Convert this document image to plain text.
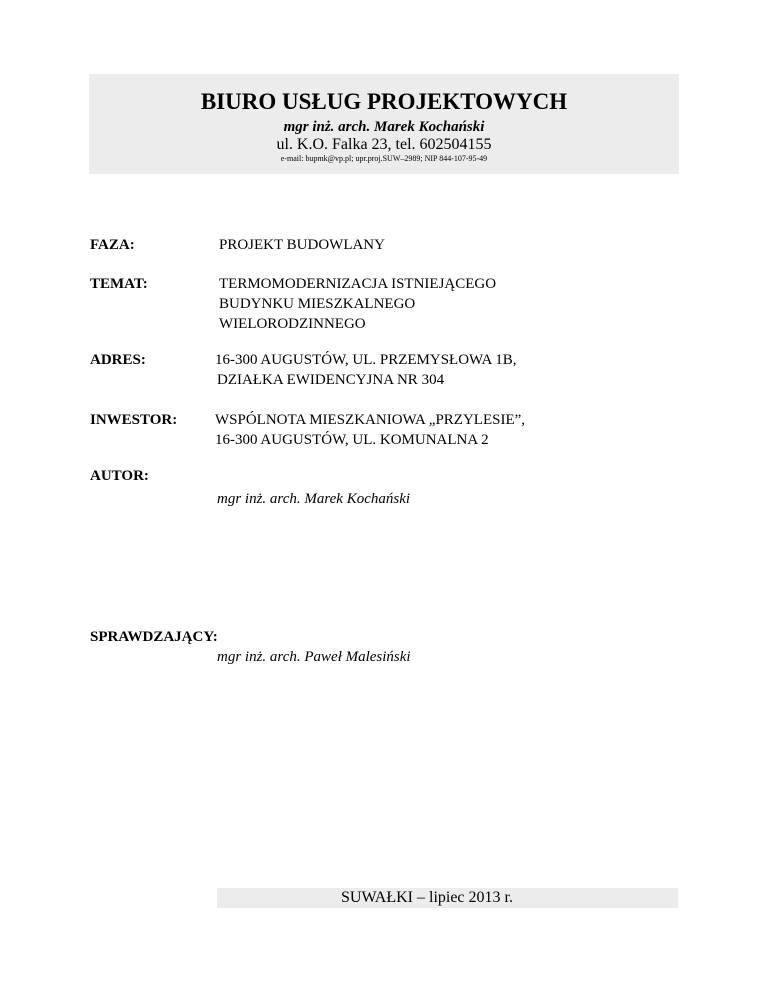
BIURO USŁUG PROJEKTOWYCH
mgr inż. arch. Marek Kochański
ul. K.O. Falka 23, tel. 602504155
e-mail: bupmk@vp.pl; upr.proj.SUW–2989; NIP 844-107-95-49
FAZA:	PROJEKT BUDOWLANY
TEMAT:	TERMOMODERNIZACJA ISTNIEJĄCEGO
BUDYNKU MIESZKALNEGO
WIELORODZINNEGO
ADRES:	16-300 AUGUSTÓW, UL. PRZEMYSŁOWA 1B,
DZIAŁKA EWIDENCYJNA NR 304
INWESTOR:	WSPÓLNOTA MIESZKANIOWA „PRZYLESIE”,
16-300 AUGUSTÓW, UL. KOMUNALNA 2
AUTOR:
mgr inż. arch. Marek Kochański
SPRAWDZAJĄCY:
mgr inż. arch. Paweł Malesiński
SUWAŁKI – lipiec 2013 r.
